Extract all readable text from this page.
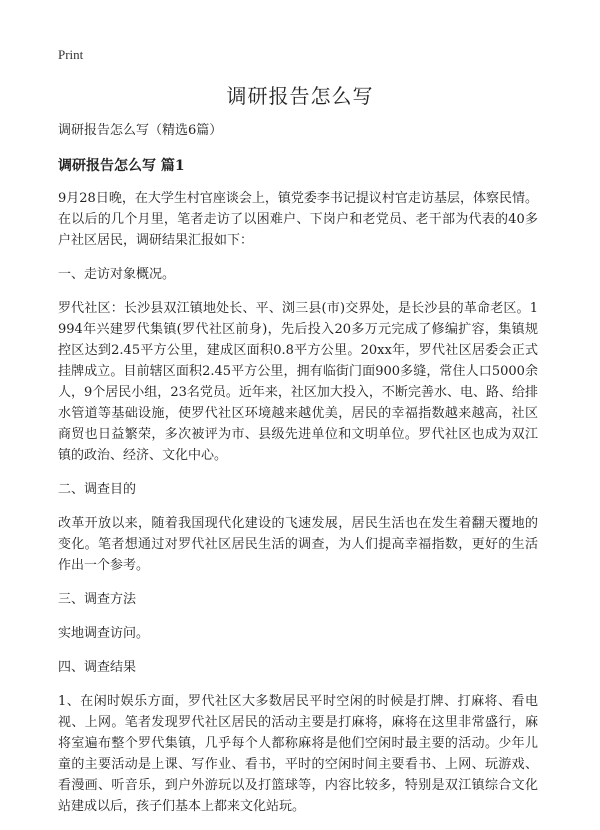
Print
调研报告怎么写

调研报告怎么写（精选6篇）

调研报告怎么写 篇1

9月28日晚，在大学生村官座谈会上，镇党委李书记提议村官走访基层，体察民情。在以后的几个月里，笔者走访了以困难户、下岗户和老党员、老干部为代表的40多户社区居民，调研结果汇报如下：

一、走访对象概况。

罗代社区：长沙县双江镇地处长、平、浏三县(市)交界处，是长沙县的革命老区。1994年兴建罗代集镇(罗代社区前身)，先后投入20多万元完成了修编扩容，集镇规控区达到2.45平方公里，建成区面积0.8平方公里。20xx年，罗代社区居委会正式挂牌成立。目前辖区面积2.45平方公里，拥有临街门面900多缝，常住人口5000余人，9个居民小组，23名党员。近年来，社区加大投入，不断完善水、电、路、给排水管道等基础设施，使罗代社区环境越来越优美，居民的幸福指数越来越高，社区商贸也日益繁荣，多次被评为市、县级先进单位和文明单位。罗代社区也成为双江镇的政治、经济、文化中心。

二、调查目的

改革开放以来，随着我国现代化建设的飞速发展，居民生活也在发生着翻天覆地的变化。笔者想通过对罗代社区居民生活的调查，为人们提高幸福指数，更好的生活作出一个参考。

三、调查方法

实地调查访问。

四、调查结果

1、在闲时娱乐方面，罗代社区大多数居民平时空闲的时候是打牌、打麻将、看电视、上网。笔者发现罗代社区居民的活动主要是打麻将，麻将在这里非常盛行，麻将室遍布整个罗代集镇，几乎每个人都称麻将是他们空闲时最主要的活动。少年儿童的主要活动是上课、写作业、看书，平时的空闲时间主要看书、上网、玩游戏、看漫画、听音乐，到户外游玩以及打篮球等，内容比较多，特别是双江镇综合文化站建成以后，孩子们基本上都来文化站玩。
